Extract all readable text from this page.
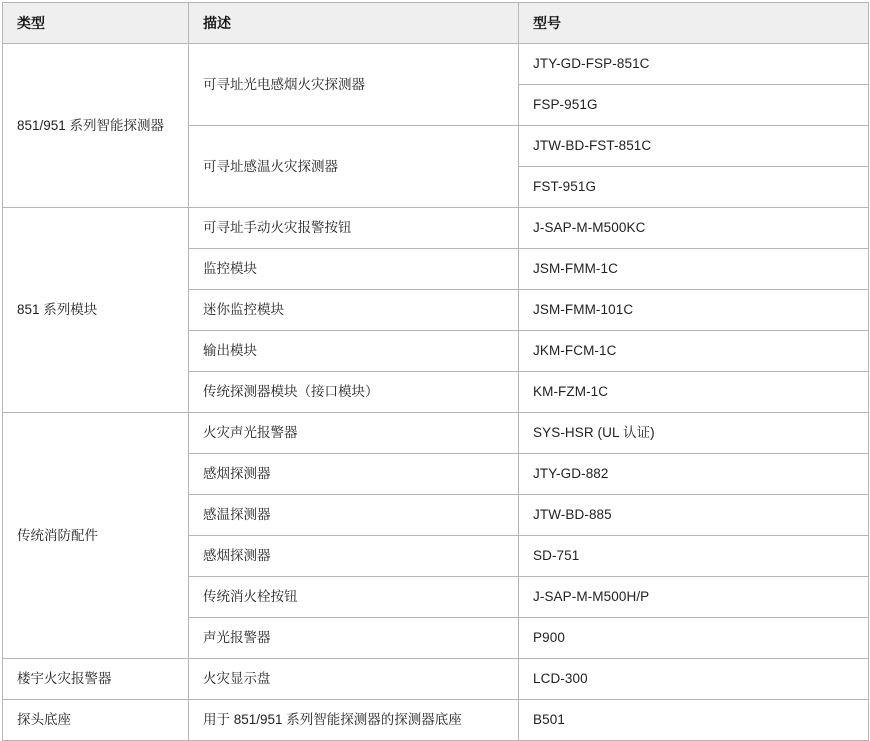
类型	描述	型号
851/951 系列智能探测器	可寻址光电感烟火灾探测器	JTY-GD-FSP-851C
		FSP-951G
	可寻址感温火灾探测器	JTW-BD-FST-851C
		FST-951G
851 系列模块	可寻址手动火灾报警按钮	J-SAP-M-M500KC
	监控模块	JSM-FMM-1C
	迷你监控模块	JSM-FMM-101C
	输出模块	JKM-FCM-1C
	传统探测器模块（接口模块）	KM-FZM-1C
传统消防配件	火灾声光报警器	SYS-HSR (UL 认证)
	感烟探测器	JTY-GD-882
	感温探测器	JTW-BD-885
	感烟探测器	SD-751
	传统消火栓按钮	J-SAP-M-M500H/P
	声光报警器	P900
楼宇火灾报警器	火灾显示盘	LCD-300
探头底座	用于 851/951 系列智能探测器的探测器底座	B501
